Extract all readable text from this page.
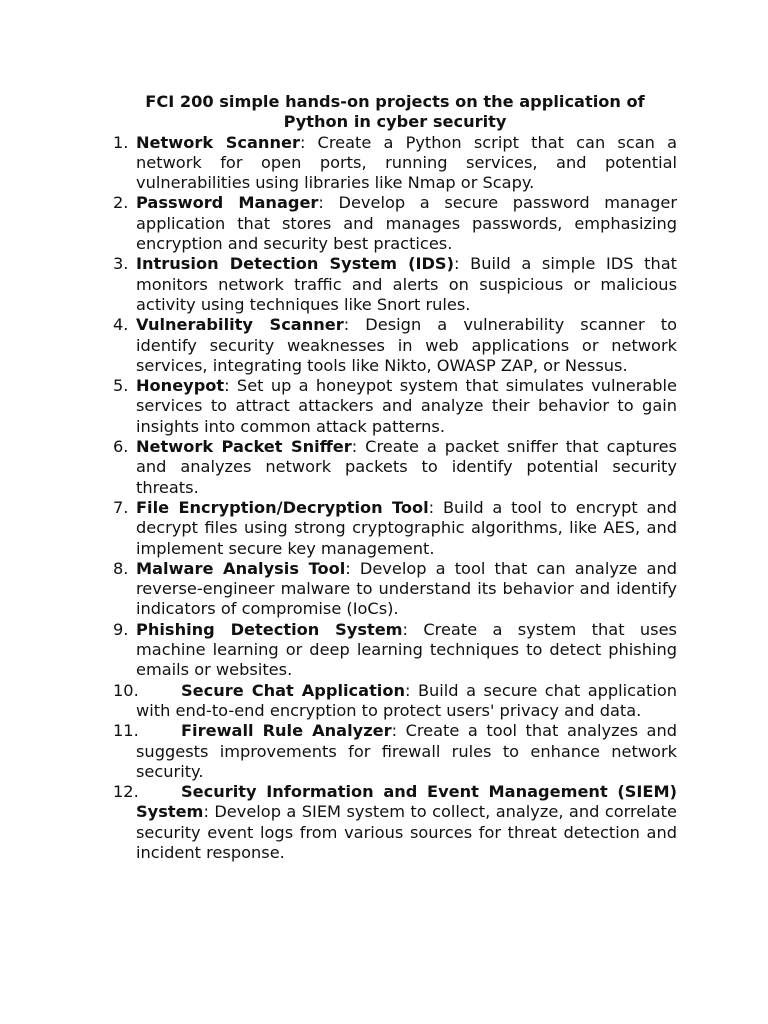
FCI 200 simple hands-on projects on the application of
Python in cyber security

1. Network Scanner: Create a Python script that can scan a network for open ports, running services, and potential vulnerabilities using libraries like Nmap or Scapy.
2. Password Manager: Develop a secure password manager application that stores and manages passwords, emphasizing encryption and security best practices.
3. Intrusion Detection System (IDS): Build a simple IDS that monitors network traffic and alerts on suspicious or malicious activity using techniques like Snort rules.
4. Vulnerability Scanner: Design a vulnerability scanner to identify security weaknesses in web applications or network services, integrating tools like Nikto, OWASP ZAP, or Nessus.
5. Honeypot: Set up a honeypot system that simulates vulnerable services to attract attackers and analyze their behavior to gain insights into common attack patterns.
6. Network Packet Sniffer: Create a packet sniffer that captures and analyzes network packets to identify potential security threats.
7. File Encryption/Decryption Tool: Build a tool to encrypt and decrypt files using strong cryptographic algorithms, like AES, and implement secure key management.
8. Malware Analysis Tool: Develop a tool that can analyze and reverse-engineer malware to understand its behavior and identify indicators of compromise (IoCs).
9. Phishing Detection System: Create a system that uses machine learning or deep learning techniques to detect phishing emails or websites.
10.	Secure Chat Application: Build a secure chat application with end-to-end encryption to protect users' privacy and data.
11.	Firewall Rule Analyzer: Create a tool that analyzes and suggests improvements for firewall rules to enhance network security.
12.	Security Information and Event Management (SIEM) System: Develop a SIEM system to collect, analyze, and correlate security event logs from various sources for threat detection and incident response.
